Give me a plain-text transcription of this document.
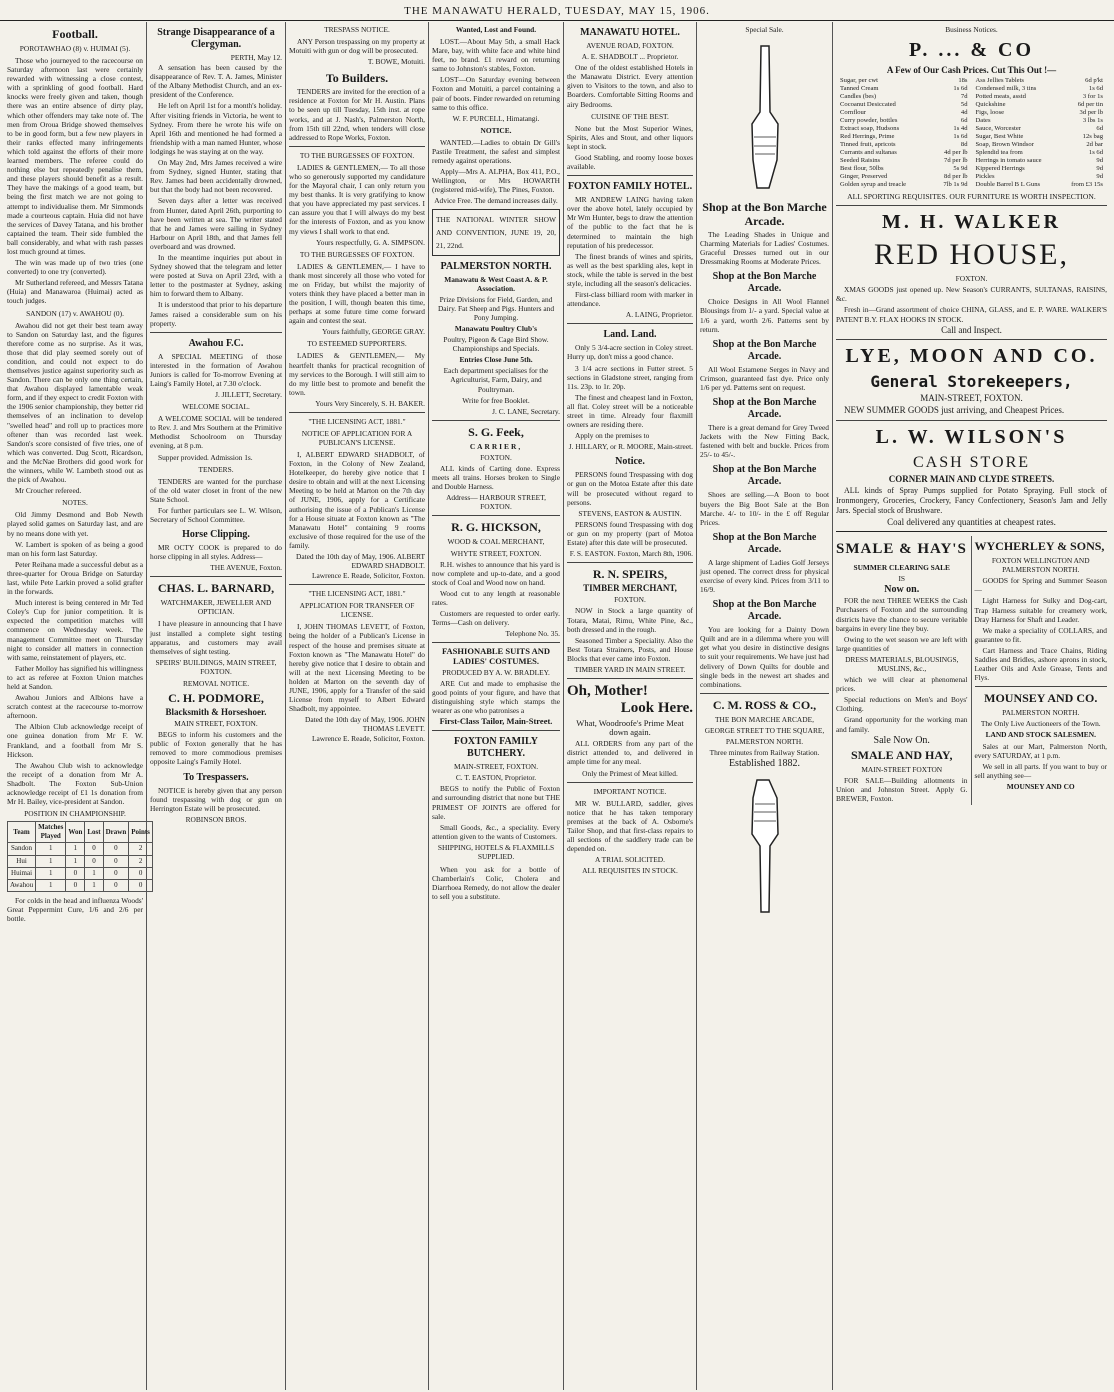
THE MANAWATU HERALD, TUESDAY, MAY 15, 1906.
Football.
POROTAWHAO (8) v. HUIMAI (5).

Those who journeyed to the racecourse on Saturday afternoon last were certainly rewarded with witnessing a close contest, with a sprinkling of good football. Hard knocks were freely given and taken, though there was an entire absence of dirty play, which other offenders may take note of. The men from Oroua Bridge showed themselves to be in good form, but a few new players in their ranks effected many infringements which told against the efforts of their more learned members. The referee could do nothing else but repeatedly penalise them, and these players should benefit as a result. They have the makings of a good team, but being the first match we are not going to attempt to individualise them. Mr Simmonds made a courteous captain. Huia did not have the services of Davey Tatana, and his brother captained the team. Their side fumbled the ball considerably, and what with rash passes lost much ground at times.

The win was made up of two tries (one converted) to one try (converted).

Mr Sutherland refereed, and Messrs Tatana (Huia) and Manawaroa (Huimai) acted as touch judges.

SANDON (17) v. AWAHOU (0).

Awahou did not get their best team away to Sandon on Saturday last, and the figures therefore come as no surprise. As it was, those that did play seemed sorely out of condition, and could not expect to do themselves justice against superiority such as Sandon. There can be only one thing certain, that Awahou displayed lamentable weak form, and if they expect to credit Foxton with the 1906 senior championship, they better rid themselves of an inclination to develop "swelled head" and roll up to practices more oftener than was recorded last week. Sandon's score consisted of five tries, one of which was converted. Dug Scott, Ricardson, and the McNae Brothers did good work for the winners, while W. Lambeth stood out as the pick of Awahou.

Mr Croucher refereed.

NOTES.

Old Jimmy Desmond and Bob Newth played solid games on Saturday last, and are by no means done with yet.

W. Lambert is spoken of as being a good man on his form last Saturday.

Peter Reihana made a successful debut as a three-quarter for Oroua Bridge on Saturday last, while Pete Larkin proved a solid grafter in the forwards.

Much interest is being centered in Mr Ted Coley's Cup for junior competition. It is expected the competition matches will commence on Wednesday week. The management Committee meet on Thursday night to consider all matters in connection with same, reinstatement of players, etc.

Father Molloy has signified his willingness to act as referee at Foxton Union matches held at Sandon.

Awahou Juniors and Albions have a scratch contest at the racecourse to-morrow afternoon.

The Albion Club acknowledge receipt of one guinea donation from Mr F. W. Frankland, and a football from Mr S. Hickson.

The Awahou Club wish to acknowledge the receipt of a donation from Mr A. Shadbolt. The Foxton Sub-Union acknowledge receipt of £1 1s donation from Mr H. Bailey, vice-president at Sandon.

POSITION IN CHAMPIONSHIP.
Team	Matches Played	Won	Lost	Drawn	Points
Sandon	1	1	0	0	2
Hui	1	1	0	0	2
Huimai	1	0	1	0	0
Awahou	1	0	1	0	0

For colds in the head and influenza Woods' Great Peppermint Cure, 1/6 and 2/6 per bottle.

Strange Disappearance of a Clergyman.
PERTH, May 12.

A sensation has been caused by the disappearance of Rev. T. A. James, Minister of the Albany Methodist Church, and an ex-president of the Conference.

He left on April 1st for a month's holiday. After visiting friends in Victoria, he went to Sydney. From there he wrote his wife on April 16th and mentioned he had formed a friendship with a man named Hunter, whose lodgings he was staying at on the way.

On May 2nd, Mrs James received a wire from Sydney, signed Hunter, stating that Rev. James had been accidentally drowned, but that the body had not been recovered.

Seven days after a letter was received from Hunter, dated April 26th, purporting to have been written at sea. The writer stated that he and James were sailing in Sydney Harbour on April 18th, and that James fell overboard and was drowned.

In the meantime inquiries put about in Sydney showed that the telegram and letter were posted at Suva on April 23rd, with a letter to the postmaster at Sydney, asking him to forward them to Albany.

It is understood that prior to his departure James raised a considerable sum on his property.

Awahou F.C.

A SPECIAL MEETING of those interested in the formation of Awahou Juniors is called for To-morrow Evening at Laing's Family Hotel, at 7.30 o'clock.

J. JILLETT, Secretary.
WELCOME SOCIAL.

A WELCOME SOCIAL will be tendered to Rev. J. and Mrs Southern at the Primitive Methodist Schoolroom on Thursday evening, at 8 p.m.

Supper provided. Admission 1s.

TENDERS.

TENDERS are wanted for the purchase of the old water closet in front of the new State School.

For further particulars see L. W. Wilson, Secretary of School Committee.

Horse Clipping.

MR OCTY COOK is prepared to do horse clipping in all styles. Address—

THE AVENUE, Foxton.
CHAS. L. BARNARD,
WATCHMAKER, JEWELLER AND OPTICIAN.

I have pleasure in announcing that I have just installed a complete sight testing apparatus, and customers may avail themselves of sight testing.

SPEIRS' BUILDINGS, MAIN STREET, FOXTON.
REMOVAL NOTICE.
C. H. PODMORE,
Blacksmith & Horseshoer.
MAIN STREET, FOXTON.

BEGS to inform his customers and the public of Foxton generally that he has removed to more commodious premises opposite Laing's Family Hotel.

To Trespassers.

NOTICE is hereby given that any person found trespassing with dog or gun on Herrington Estate will be prosecuted.

ROBINSON BROS.
TRESPASS NOTICE.

ANY Person trespassing on my property at Motuiti with gun or dog will be prosecuted.

T. BOWE, Motuiti.
To Builders.

TENDERS are invited for the erection of a residence at Foxton for Mr H. Austin. Plans to be seen up till Tuesday, 15th inst. at rope works, and at J. Nash's, Palmerston North, from 15th till 22nd, when tenders will close addressed to Rope Works, Foxton.

TO THE BURGESSES OF FOXTON.

LADIES & GENTLEMEN,— To all those who so generously supported my candidature for the Mayoral chair, I can only return you my best thanks. It is very gratifying to know that you have appreciated my past services. I can assure you that I will always do my best for the interests of Foxton, and as you know my views I shall work to that end.

Yours respectfully, G. A. SIMPSON.
TO THE BURGESSES OF FOXTON.

LADIES & GENTLEMEN,— I have to thank most sincerely all those who voted for me on Friday, but whilst the majority of voters think they have placed a better man in the position, I will, though beaten this time, perhaps at some future time come forward again and contest the seat.

Yours faithfully, GEORGE GRAY.
TO ESTEEMED SUPPORTERS.

LADIES & GENTLEMEN,— My heartfelt thanks for practical recognition of my services to the Borough. I will still aim to do my little best to promote and benefit the town.

Yours Very Sincerely, S. H. BAKER.
"THE LICENSING ACT, 1881."
NOTICE OF APPLICATION FOR A PUBLICAN'S LICENSE.

I, ALBERT EDWARD SHADBOLT, of Foxton, in the Colony of New Zealand, Hotelkeeper, do hereby give notice that I desire to obtain and will at the next Licensing Meeting to be held at Marton on the 7th day of JUNE, 1906, apply for a Certificate authorising the issue of a Publican's License for a House situate at Foxton known as "The Manawatu Hotel" containing 9 rooms exclusive of those required for the use of the family.

Dated the 10th day of May, 1906. ALBERT EDWARD SHADBOLT.
Lawrence E. Reade, Solicitor, Foxton.
"THE LICENSING ACT, 1881."
APPLICATION FOR TRANSFER OF LICENSE.

I, JOHN THOMAS LEVETT, of Foxton, being the holder of a Publican's License in respect of the house and premises situate at Foxton known as "The Manawatu Hotel" do hereby give notice that I desire to obtain and will at the next Licensing Meeting to be holden at Marton on the seventh day of JUNE, 1906, apply for a Transfer of the said License from myself to Albert Edward Shadbolt, my appointee.

Dated the 10th day of May, 1906. JOHN THOMAS LEVETT.
Lawrence E. Reade, Solicitor, Foxton.
Wanted, Lost and Found.

LOST.—About May 5th, a small Hack Mare, bay, with white face and white hind feet, no brand. £1 reward on returning same to Johnston's stables, Foxton.

LOST—On Saturday evening between Foxton and Motuiti, a parcel containing a pair of boots. Finder rewarded on returning same to this office.

W. F. PURCELL, Himatangi.
NOTICE.

WANTED.—Ladies to obtain Dr Gill's Pastile Treatment, the safest and simplest remedy against operations.

Apply—Mrs A. ALPHA, Box 411, P.O., Wellington, or Mrs HOWARTH (registered mid-wife), The Pines, Foxton.

Advice Free. The demand increases daily.
THE NATIONAL WINTER SHOW AND CONVENTION, JUNE 19, 20, 21, 22nd.
PALMERSTON NORTH.
Manawatu & West Coast A. & P. Association.
Prize Divisions for Field, Garden, and Dairy. Fat Sheep and Pigs. Hunters and Pony Jumping.
Manawatu Poultry Club's
Poultry, Pigeon & Cage Bird Show. Championships and Specials.
Entries Close June 5th.
Each department specialises for the Agriculturist, Farm, Dairy, and Poultryman.
Write for free Booklet.
J. C. LANE, Secretary.
S. G. Feek,
CARRIER,
FOXTON.

ALL kinds of Carting done. Express meets all trains. Horses broken to Single and Double Harness.

Address— HARBOUR STREET, FOXTON.
R. G. HICKSON,
WOOD & COAL MERCHANT,
WHYTE STREET, FOXTON.

R.H. wishes to announce that his yard is now complete and up-to-date, and a good stock of Coal and Wood now on hand.

Wood cut to any length at reasonable rates.

Customers are requested to order early. Terms—Cash on delivery.

Telephone No. 35.
FASHIONABLE SUITS AND LADIES' COSTUMES.
PRODUCED BY A. W. BRADLEY.

ARE Cut and made to emphasise the good points of your figure, and have that distinguishing style which stamps the wearer as one who patronises a

First-Class Tailor, Main-Street.
FOXTON FAMILY BUTCHERY.
MAIN-STREET, FOXTON.
C. T. EASTON, Proprietor.

BEGS to notify the Public of Foxton and surrounding district that none but THE PRIMEST OF JOINTS are offered for sale.

Small Goods, &c., a speciality. Every attention given to the wants of Customers.

SHIPPING, HOTELS & FLAXMILLS SUPPLIED.

When you ask for a bottle of Chamberlain's Colic, Cholera and Diarrhoea Remedy, do not allow the dealer to sell you a substitute.

MANAWATU HOTEL.
AVENUE ROAD, FOXTON.
A. E. SHADBOLT ... Proprietor.

One of the oldest established Hotels in the Manawatu District. Every attention given to Visitors to the town, and also to Boarders. Comfortable Sitting Rooms and airy Bedrooms.

CUISINE OF THE BEST.

None but the Most Superior Wines, Spirits, Ales and Stout, and other liquors kept in stock.

Good Stabling, and roomy loose boxes available.

FOXTON FAMILY HOTEL.

MR ANDREW LAING having taken over the above hotel, lately occupied by Mr Wm Hunter, begs to draw the attention of the public to the fact that he is determined to maintain the high reputation of his predecessor.

The finest brands of wines and spirits, as well as the best sparkling ales, kept in stock, while the table is served in the best style, including all the season's delicacies.

First-class billiard room with marker in attendance.

A. LAING, Proprietor.
Land. Land.

Only 5 3/4-acre section in Coley street. Hurry up, don't miss a good chance.

3 1/4 acre sections in Futter street. 5 sections in Gladstone street, ranging from 11s. 23p. to 1r. 20p.

The finest and cheapest land in Foxton, all flat. Coley street will be a noticeable street in time. Already four flaxmill owners are residing there.

Apply on the premises to

J. HILLARY, or R. MOORE, Main-street.
Notice.

PERSONS found Trespassing with dog or gun on the Motoa Estate after this date will be prosecuted without regard to persons.

STEVENS, EASTON & AUSTIN.

PERSONS found Trespassing with dog or gun on my property (part of Motoa Estate) after this date will be prosecuted.

F. S. EASTON. Foxton, March 8th, 1906.
R. N. SPEIRS,
TIMBER MERCHANT,
FOXTON.

NOW in Stock a large quantity of Totara, Matai, Rimu, White Pine, &c., both dressed and in the rough.

Seasoned Timber a Speciality. Also the Best Totara Strainers, Posts, and House Blocks that ever came into Foxton.

TIMBER YARD IN MAIN STREET.
Oh, Mother!
Look Here.
What, Woodroofe's Prime Meat down again.

ALL ORDERS from any part of the district attended to, and delivered in ample time for any meal.

Only the Primest of Meat killed.
IMPORTANT NOTICE.

MR W. BULLARD, saddler, gives notice that he has taken temporary premises at the back of A. Osborne's Tailor Shop, and that first-class repairs to all sections of the saddlery trade can be depended on.

A TRIAL SOLICITED.
ALL REQUISITES IN STOCK.
Special Sale.
Shop at the Bon Marche Arcade.

The Leading Shades in Unique and Charming Materials for Ladies' Costumes. Graceful Dresses turned out in our Dressmaking Rooms at Moderate Prices.

Shop at the Bon Marche Arcade.

Choice Designs in All Wool Flannel Blousings from 1/- a yard. Special value at 1/6 a yard, worth 2/6. Patterns sent by return.

Shop at the Bon Marche Arcade.

All Wool Estamene Serges in Navy and Crimson, guaranteed fast dye. Price only 1/6 per yd. Patterns sent on request.

Shop at the Bon Marche Arcade.

There is a great demand for Grey Tweed Jackets with the New Fitting Back, fastened with belt and buckle. Prices from 25/- to 45/-.

Shop at the Bon Marche Arcade.

Shoes are selling.—A Boon to boot buyers the Big Boot Sale at the Bon Marche. 4/- to 10/- in the £ off Regular Prices.

Shop at the Bon Marche Arcade.

A large shipment of Ladies Golf Jerseys just opened. The correct dress for physical exercise of every kind. Prices from 3/11 to 16/9.

Shop at the Bon Marche Arcade.

You are looking for a Dainty Down Quilt and are in a dilemma where you will get what you desire in distinctive designs to suit your requirements. We have just had delivery of Down Quilts for double and single beds in the newest art shades and combinations.

C. M. ROSS & CO.,
THE BON MARCHE ARCADE,
GEORGE STREET TO THE SQUARE,
PALMERSTON NORTH.
Three minutes from Railway Station.
Established 1882.
Business Notices.
P. ... & CO
A Few of Our Cash Prices. Cut This Out !—
Sugar, per cwt	18s
Tanned Cream	1s 6d
Candles (bes)	7d
Cocoanut Desiccated	5d
Cornflour	4d
Curry powder, bottles	6d
Extract soap, Hudsons	1s 4d
Red Herrings, Prime	1s 6d
Tinned fruit, apricots	8d
Currants and sultanas	4d per lb
Seeded Raisins	7d per lb
Best flour, 50lbs	5s 9d
Ginger, Preserved	8d per lb
Golden syrup and treacle	7lb 1s 9d
Ass Jellies Tablets	6d p'kt
Condensed milk, 3 tins	1s 6d
Potted meats, asstd	3 for 1s
Quickshine	6d per tin
Figs, loose	3d per lb
Dates	3 lbs 1s
Sauce, Worcester	6d
Sugar, Best White	12s bag
Soap, Brown Windsor	2d bar
Splendid tea from	1s 6d
Herrings in tomato sauce	9d
Kippered Herrings	9d
Pickles	9d
Double Barrel B L Guns	from £3 15s
ALL SPORTING REQUISITES. OUR FURNITURE IS WORTH INSPECTION.
M. H. WALKER
RED HOUSE,
FOXTON.

XMAS GOODS just opened up. New Season's CURRANTS, SULTANAS, RAISINS, &c.

Fresh in—Grand assortment of choice CHINA, GLASS, and E. P. WARE. WALKER'S PATENT B.Y. FLAX HOOKS IN STOCK.

Call and Inspect.
LYE, MOON AND CO.
General Storekeepers,
MAIN-STREET, FOXTON.

NEW SUMMER GOODS just arriving, and Cheapest Prices.

L. W. WILSON'S
CASH STORE
CORNER MAIN AND CLYDE STREETS.

ALL kinds of Spray Pumps supplied for Potato Spraying. Full stock of Ironmongery, Groceries, Crockery, Fancy Confectionery, Season's Jam and Jelly Jars. Special stock of Brushware.

Coal delivered any quantities at cheapest rates.
SMALE & HAY'S
SUMMER CLEARING SALE
IS
Now on.

FOR the next THREE WEEKS the Cash Purchasers of Foxton and the surrounding districts have the chance to secure veritable bargains in every line they buy.

Owing to the wet season we are left with large quantities of

DRESS MATERIALS, BLOUSINGS, MUSLINS, &c.,

which we will clear at phenomenal prices.

Special reductions on Men's and Boys' Clothing.

Grand opportunity for the working man and family.

Sale Now On.
SMALE AND HAY,
MAIN-STREET FOXTON

FOR SALE—Building allotments in Union and Johnston Street. Apply G. BREWER, Foxton.

WYCHERLEY & SONS,
FOXTON WELLINGTON AND PALMERSTON NORTH.

GOODS for Spring and Summer Season—

Light Harness for Sulky and Dog-cart, Trap Harness suitable for creamery work, Dray Harness for Shaft and Leader.

We make a speciality of COLLARS, and guarantee to fit.

Cart Harness and Trace Chains, Riding Saddles and Bridles, ashore aprons in stock, Leather Oils and Axle Grease, Tents and Flys.

MOUNSEY AND CO.
PALMERSTON NORTH.
The Only Live Auctioneers of the Town.
LAND AND STOCK SALESMEN.

Sales at our Mart, Palmerston North, every SATURDAY, at 1 p.m.

We sell in all parts. If you want to buy or sell anything see—

MOUNSEY AND CO
